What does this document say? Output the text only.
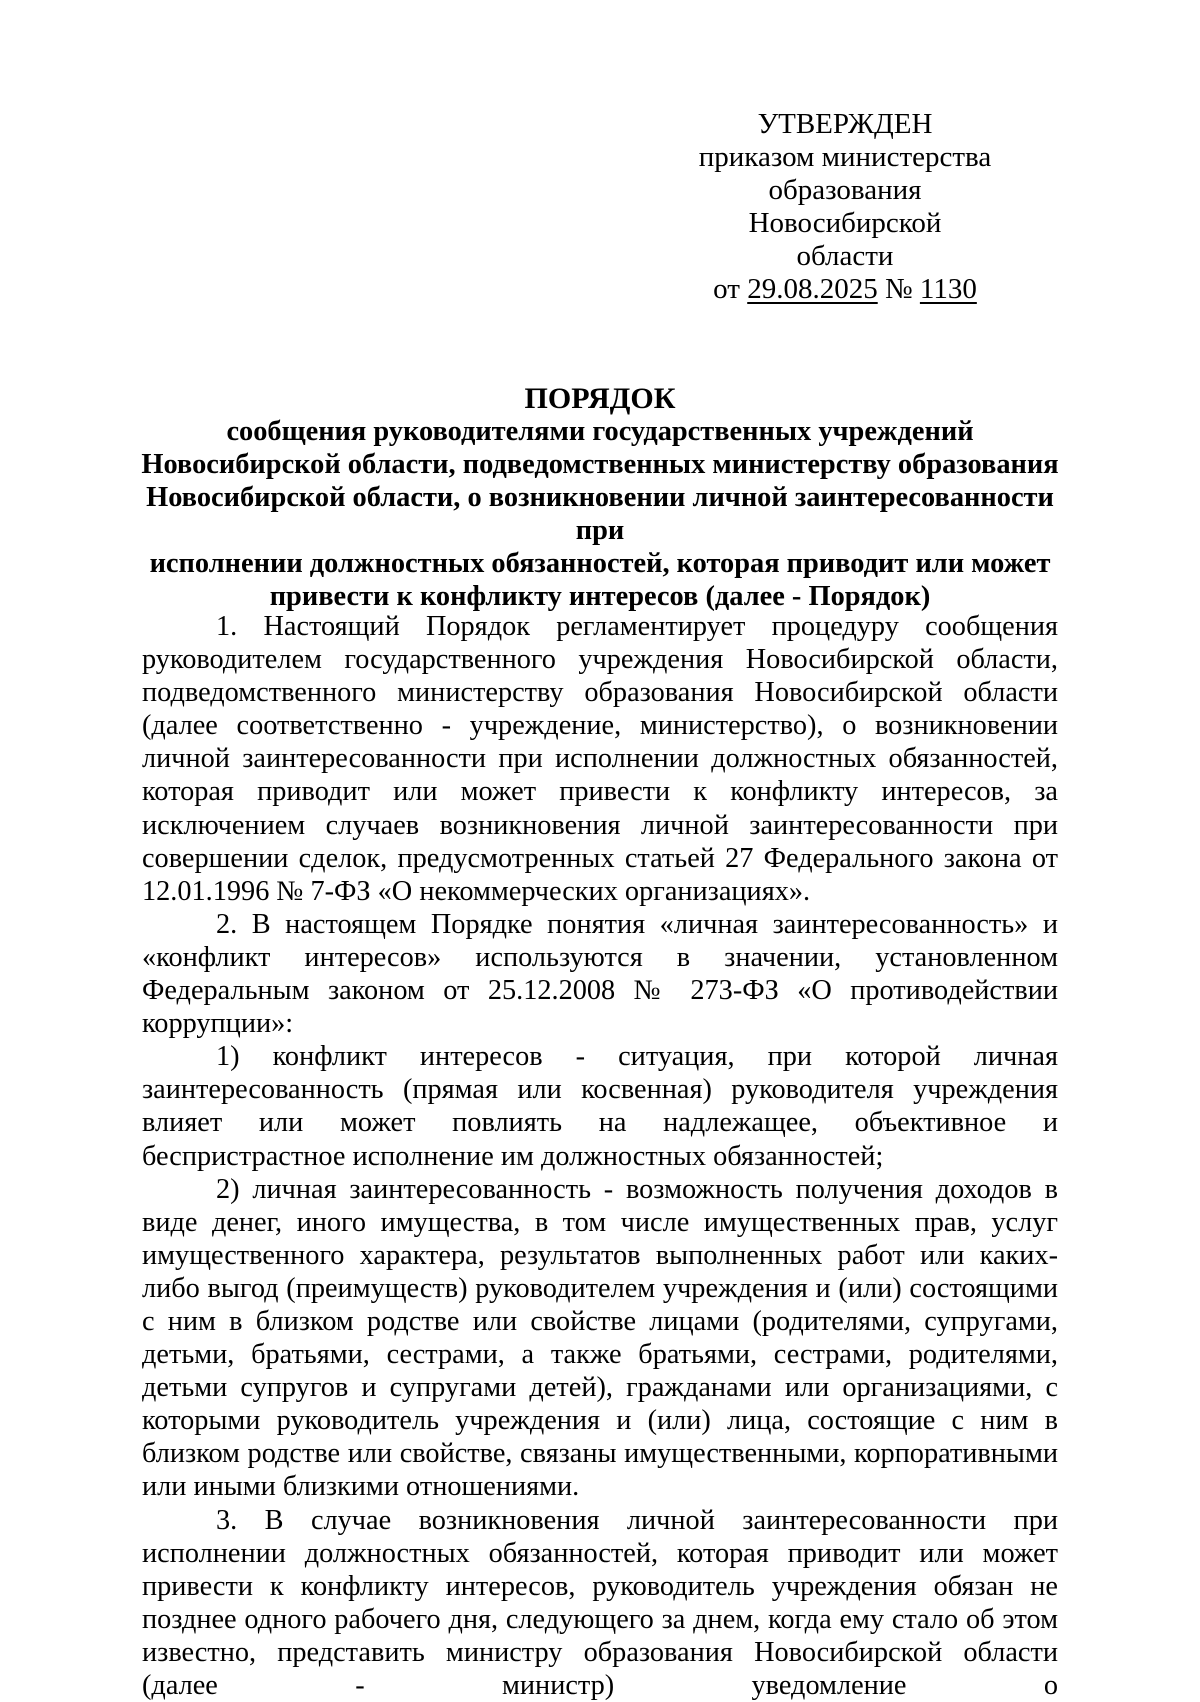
УТВЕРЖДЕН
приказом министерства
образования Новосибирской
области
от 29.08.2025 № 1130
ПОРЯДОК
сообщения руководителями государственных учреждений
Новосибирской области, подведомственных министерству образования
Новосибирской области, о возникновении личной заинтересованности при
исполнении должностных обязанностей, которая приводит или может
привести к конфликту интересов (далее - Порядок)

1. Настоящий Порядок регламентирует процедуру сообщения руководителем государственного учреждения Новосибирской области, подведомственного министерству образования Новосибирской области (далее соответственно - учреждение, министерство), о возникновении личной заинтересованности при исполнении должностных обязанностей, которая приводит или может привести к конфликту интересов, за исключением случаев возникновения личной заинтересованности при совершении сделок, предусмотренных статьей 27 Федерального закона от 12.01.1996 № 7-ФЗ «О некоммерческих организациях».

2. В настоящем Порядке понятия «личная заинтересованность» и «конфликт интересов» используются в значении, установленном Федеральным законом от 25.12.2008 № 273-ФЗ «О противодействии коррупции»:

1) конфликт интересов - ситуация, при которой личная заинтересованность (прямая или косвенная) руководителя учреждения влияет или может повлиять на надлежащее, объективное и беспристрастное исполнение им должностных обязанностей;

2) личная заинтересованность - возможность получения доходов в виде денег, иного имущества, в том числе имущественных прав, услуг имущественного характера, результатов выполненных работ или каких-либо выгод (преимуществ) руководителем учреждения и (или) состоящими с ним в близком родстве или свойстве лицами (родителями, супругами, детьми, братьями, сестрами, а также братьями, сестрами, родителями, детьми супругов и супругами детей), гражданами или организациями, с которыми руководитель учреждения и (или) лица, состоящие с ним в близком родстве или свойстве, связаны имущественными, корпоративными или иными близкими отношениями.

3. В случае возникновения личной заинтересованности при исполнении должностных обязанностей, которая приводит или может привести к конфликту интересов, руководитель учреждения обязан не позднее одного рабочего дня, следующего за днем, когда ему стало об этом известно, представить министру образования Новосибирской области (далее - министр) уведомление о
